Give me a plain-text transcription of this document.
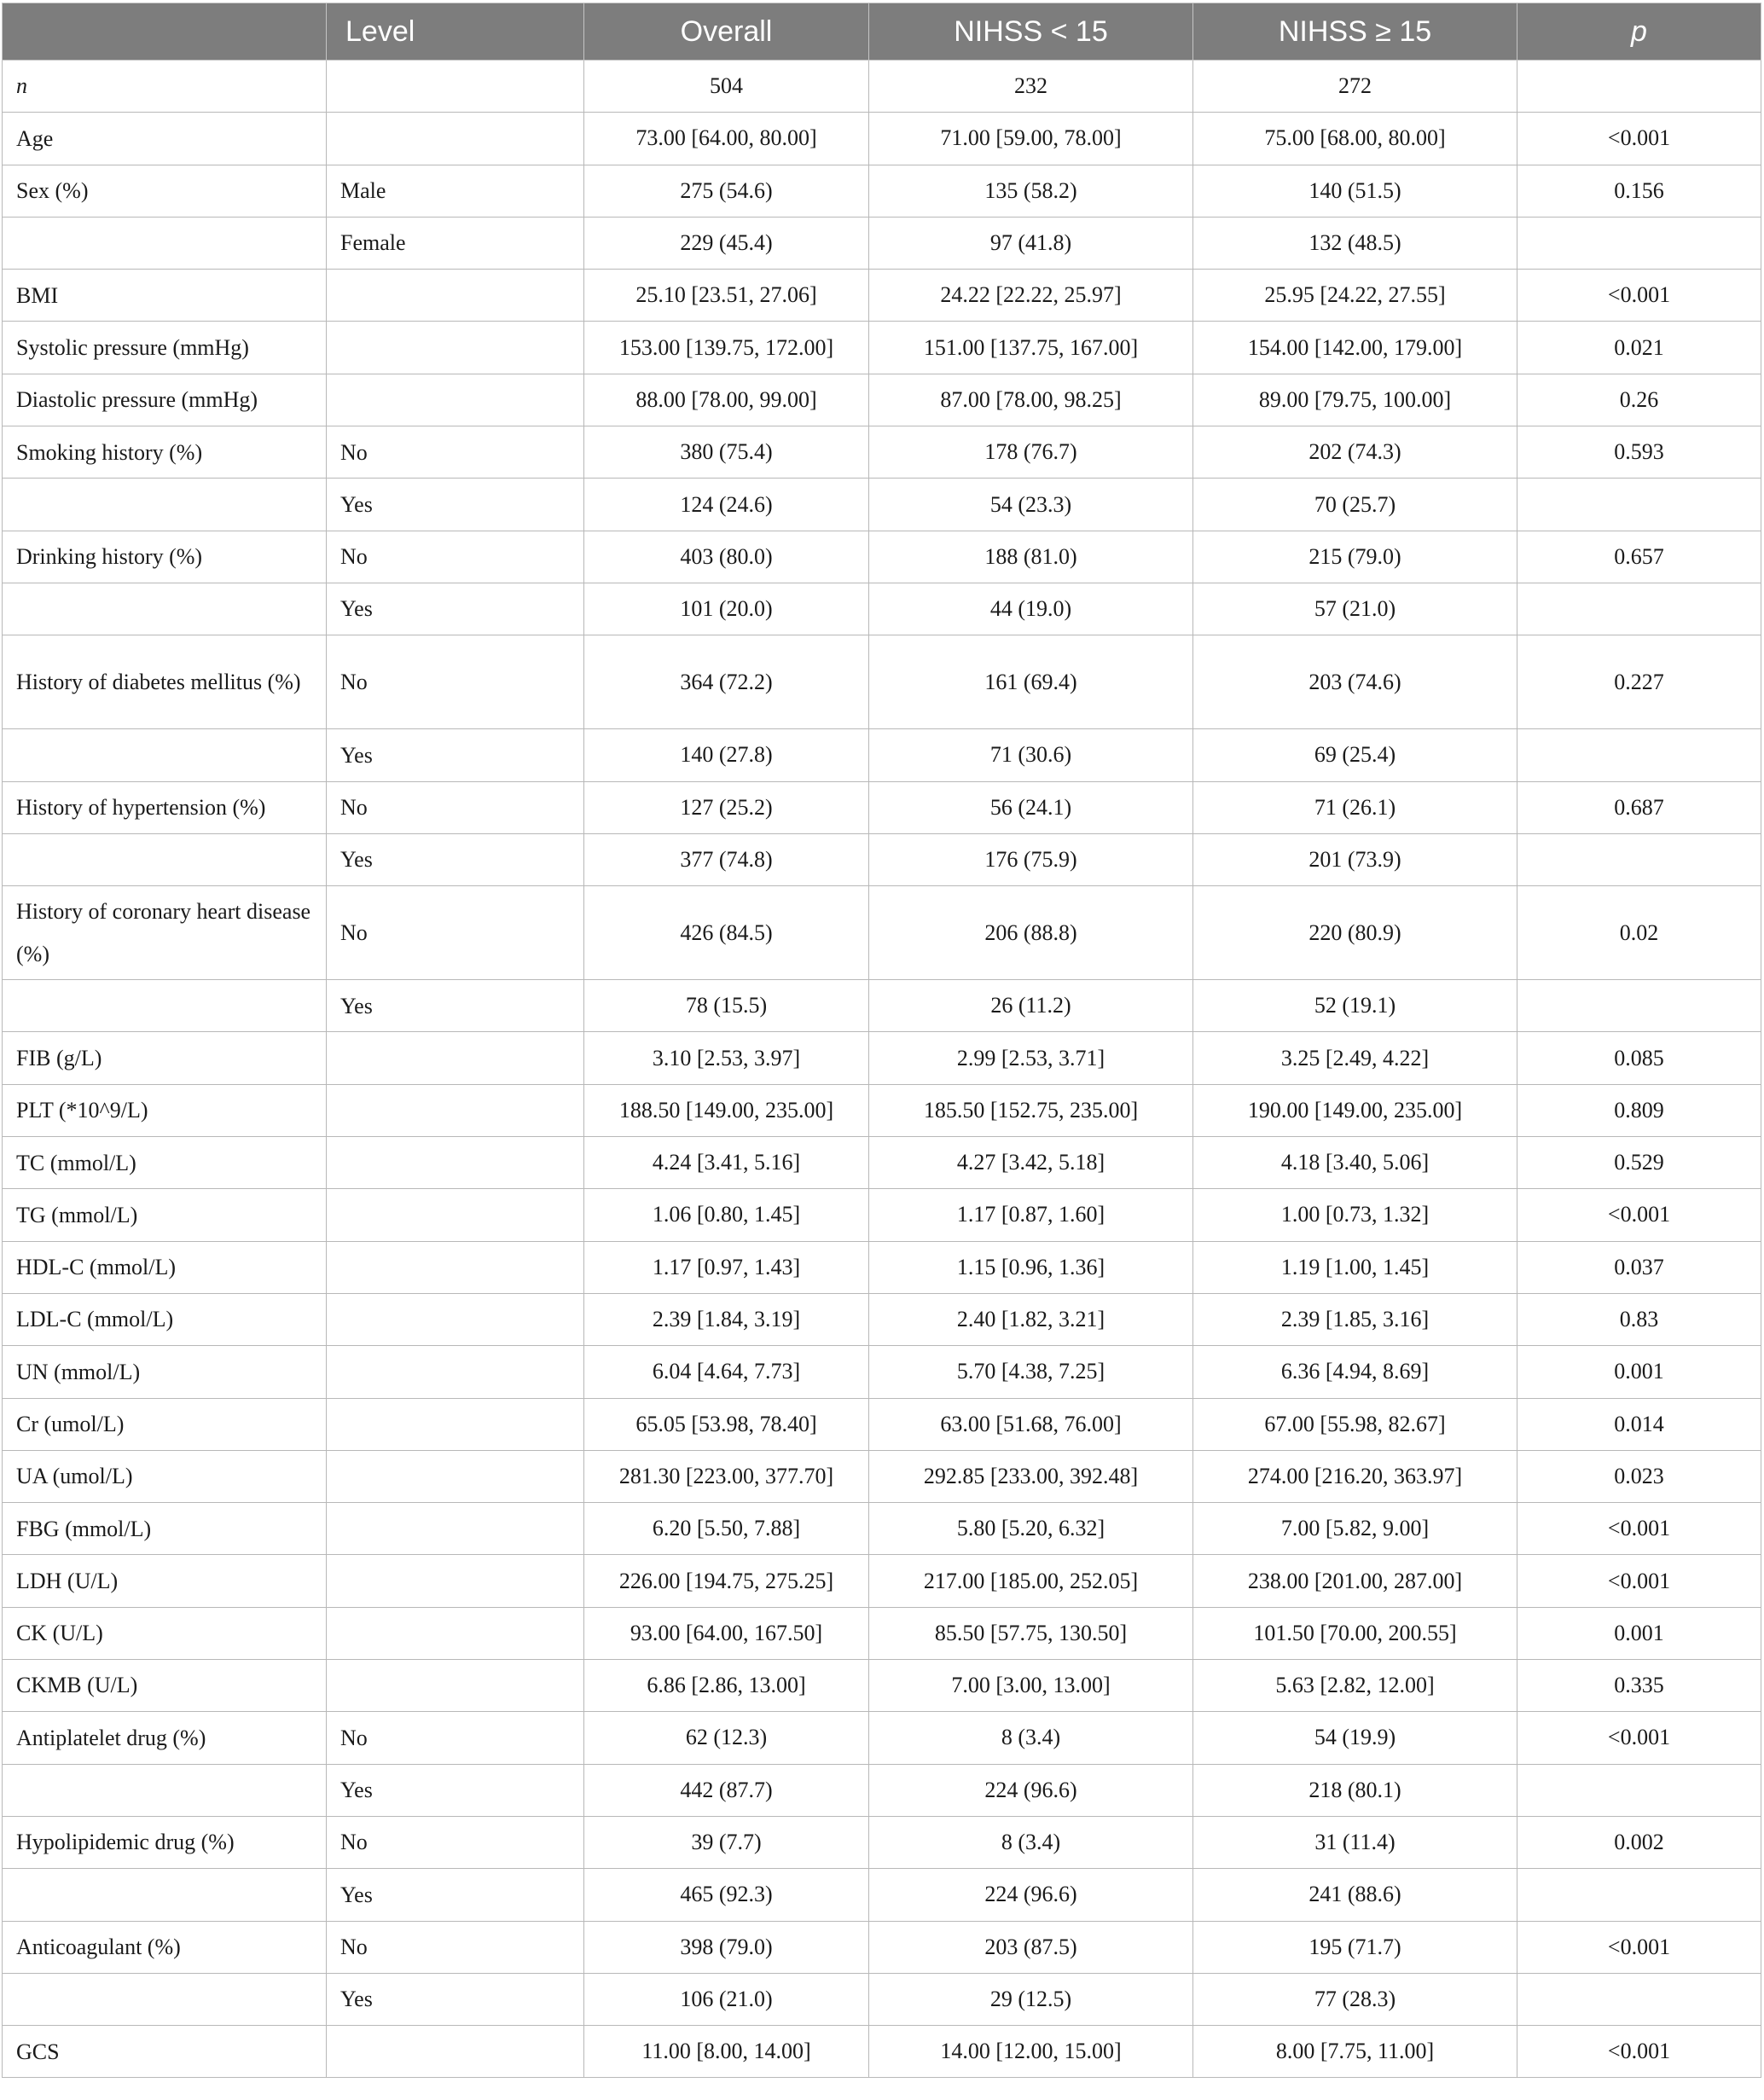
	Level	Overall	NIHSS < 15	NIHSS ≥ 15	p
n		504	232	272	
Age		73.00 [64.00, 80.00]	71.00 [59.00, 78.00]	75.00 [68.00, 80.00]	<0.001
Sex (%)	Male	275 (54.6)	135 (58.2)	140 (51.5)	0.156
	Female	229 (45.4)	97 (41.8)	132 (48.5)	
BMI		25.10 [23.51, 27.06]	24.22 [22.22, 25.97]	25.95 [24.22, 27.55]	<0.001
Systolic pressure (mmHg)		153.00 [139.75, 172.00]	151.00 [137.75, 167.00]	154.00 [142.00, 179.00]	0.021
Diastolic pressure (mmHg)		88.00 [78.00, 99.00]	87.00 [78.00, 98.25]	89.00 [79.75, 100.00]	0.26
Smoking history (%)	No	380 (75.4)	178 (76.7)	202 (74.3)	0.593
	Yes	124 (24.6)	54 (23.3)	70 (25.7)	
Drinking history (%)	No	403 (80.0)	188 (81.0)	215 (79.0)	0.657
	Yes	101 (20.0)	44 (19.0)	57 (21.0)	
History of diabetes mellitus (%)	No	364 (72.2)	161 (69.4)	203 (74.6)	0.227
	Yes	140 (27.8)	71 (30.6)	69 (25.4)	
History of hypertension (%)	No	127 (25.2)	56 (24.1)	71 (26.1)	0.687
	Yes	377 (74.8)	176 (75.9)	201 (73.9)	
History of coronary heart disease (%)	No	426 (84.5)	206 (88.8)	220 (80.9)	0.02
	Yes	78 (15.5)	26 (11.2)	52 (19.1)	
FIB (g/L)		3.10 [2.53, 3.97]	2.99 [2.53, 3.71]	3.25 [2.49, 4.22]	0.085
PLT (*10^9/L)		188.50 [149.00, 235.00]	185.50 [152.75, 235.00]	190.00 [149.00, 235.00]	0.809
TC (mmol/L)		4.24 [3.41, 5.16]	4.27 [3.42, 5.18]	4.18 [3.40, 5.06]	0.529
TG (mmol/L)		1.06 [0.80, 1.45]	1.17 [0.87, 1.60]	1.00 [0.73, 1.32]	<0.001
HDL-C (mmol/L)		1.17 [0.97, 1.43]	1.15 [0.96, 1.36]	1.19 [1.00, 1.45]	0.037
LDL-C (mmol/L)		2.39 [1.84, 3.19]	2.40 [1.82, 3.21]	2.39 [1.85, 3.16]	0.83
UN (mmol/L)		6.04 [4.64, 7.73]	5.70 [4.38, 7.25]	6.36 [4.94, 8.69]	0.001
Cr (umol/L)		65.05 [53.98, 78.40]	63.00 [51.68, 76.00]	67.00 [55.98, 82.67]	0.014
UA (umol/L)		281.30 [223.00, 377.70]	292.85 [233.00, 392.48]	274.00 [216.20, 363.97]	0.023
FBG (mmol/L)		6.20 [5.50, 7.88]	5.80 [5.20, 6.32]	7.00 [5.82, 9.00]	<0.001
LDH (U/L)		226.00 [194.75, 275.25]	217.00 [185.00, 252.05]	238.00 [201.00, 287.00]	<0.001
CK (U/L)		93.00 [64.00, 167.50]	85.50 [57.75, 130.50]	101.50 [70.00, 200.55]	0.001
CKMB (U/L)		6.86 [2.86, 13.00]	7.00 [3.00, 13.00]	5.63 [2.82, 12.00]	0.335
Antiplatelet drug (%)	No	62 (12.3)	8 (3.4)	54 (19.9)	<0.001
	Yes	442 (87.7)	224 (96.6)	218 (80.1)	
Hypolipidemic drug (%)	No	39 (7.7)	8 (3.4)	31 (11.4)	0.002
	Yes	465 (92.3)	224 (96.6)	241 (88.6)	
Anticoagulant (%)	No	398 (79.0)	203 (87.5)	195 (71.7)	<0.001
	Yes	106 (21.0)	29 (12.5)	77 (28.3)	
GCS		11.00 [8.00, 14.00]	14.00 [12.00, 15.00]	8.00 [7.75, 11.00]	<0.001
